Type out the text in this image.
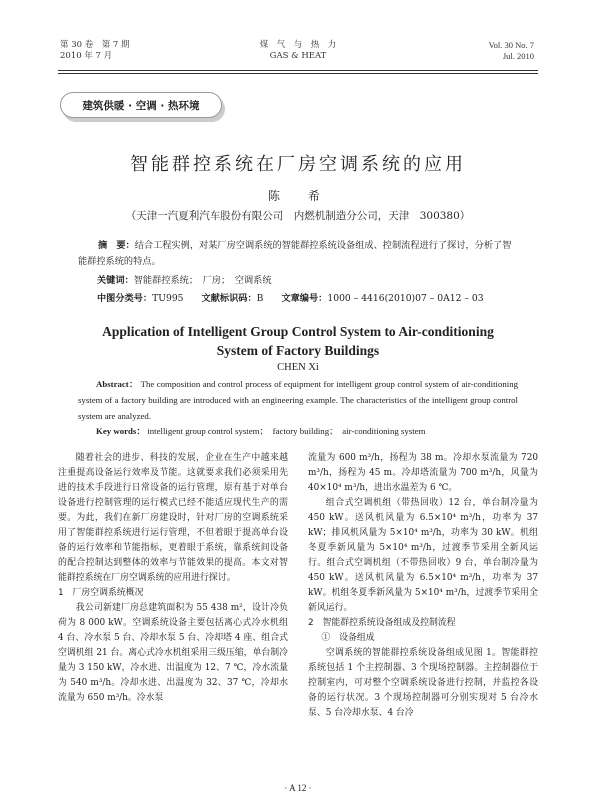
第 30 卷　第 7 期
2010 年 7 月
煤　气　与　热　力
GAS & HEAT
Vol. 30 No. 7
Jul. 2010
建筑供暖 · 空调 · 热环境
智能群控系统在厂房空调系统的应用
陈　希
（天津一汽夏利汽车股份有限公司　内燃机制造分公司，天津　300380）
摘　要：结合工程实例，对某厂房空调系统的智能群控系统设备组成、控制流程进行了探讨，分析了智能群控系统的特点。
关键词：智能群控系统；　厂房；　空调系统
中图分类号：TU995 文献标识码：B 文章编号：1000 – 4416(2010)07 – 0A12 – 03
Application of Intelligent Group Control System to Air-conditioning
System of Factory Buildings
CHEN Xi
Abstract： The composition and control process of equipment for intelligent group control system of air-conditioning system of a factory building are introduced with an engineering example. The characteristics of the intelligent group control system are analyzed.
Key words： intelligent group control system；　factory building；　air-conditioning system

随着社会的进步、科技的发展，企业在生产中越来越注重提高设备运行效率及节能。这就要求我们必须采用先进的技术手段进行日常设备的运行管理，原有基于对单台设备进行控制管理的运行模式已经不能适应现代生产的需要。为此，我们在新厂房建设时，针对厂房的空调系统采用了智能群控系统进行运行管理，不但着眼于提高单台设备的运行效率和节能指标，更着眼于系统，靠系统间设备的配合控制达到整体的效率与节能效果的提高。本文对智能群控系统在厂房空调系统的应用进行探讨。

1　厂房空调系统概况

我公司新建厂房总建筑面积为 55 438 m²，设计冷负荷为 8 000 kW。空调系统设备主要包括离心式冷水机组 4 台、冷水泵 5 台、冷却水泵 5 台、冷却塔 4 座、组合式空调机组 21 台。离心式冷水机组采用三级压缩，单台制冷量为 3 150 kW，冷水进、出温度为 12、7 ℃，冷水流量为 540 m³/h。冷却水进、出温度为 32、37 ℃，冷却水流量为 650 m³/h。冷水泵

流量为 600 m³/h，扬程为 38 m。冷却水泵流量为 720 m³/h，扬程为 45 m。冷却塔流量为 700 m³/h，风量为 40×10⁴ m³/h，进出水温差为 6 ℃。

组合式空调机组（带热回收）12 台，单台制冷量为 450 kW。送风机风量为 6.5×10⁴ m³/h，功率为 37 kW；排风机风量为 5×10⁴ m³/h，功率为 30 kW。机组冬夏季新风量为 5×10⁴ m³/h，过渡季节采用全新风运行。组合式空调机组（不带热回收）9 台，单台制冷量为 450 kW。送风机风量为 6.5×10⁴ m³/h，功率为 37 kW。机组冬夏季新风量为 5×10⁴ m³/h，过渡季节采用全新风运行。

2　智能群控系统设备组成及控制流程

①　设备组成

空调系统的智能群控系统设备组成见图 1。智能群控系统包括 1 个主控制器、3 个现场控制器。主控制器位于控制室内，可对整个空调系统设备进行控制，并监控各设备的运行状况。3 个现场控制器可分别实现对 5 台冷水泵、5 台冷却水泵、4 台冷

· A 12 ·
